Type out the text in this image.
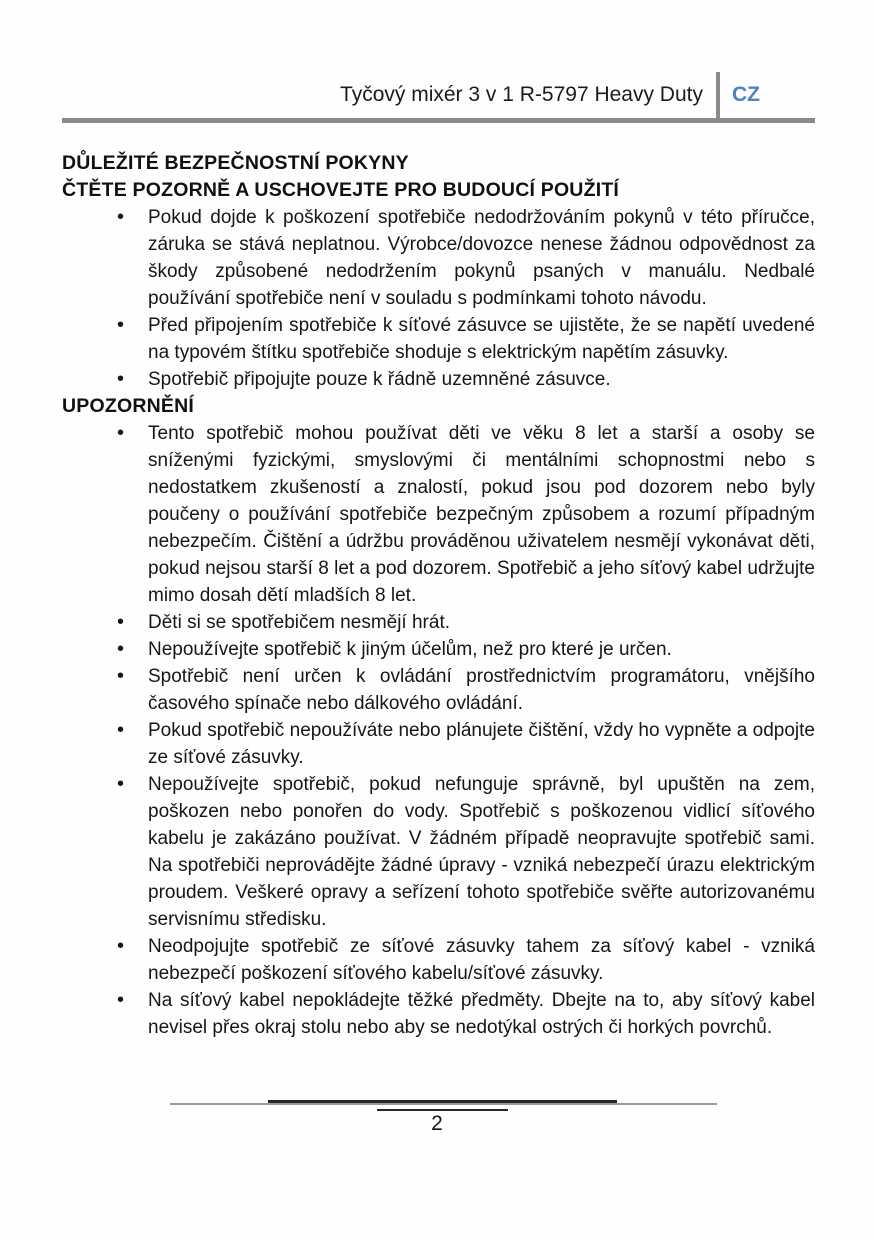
Tyčový mixér 3 v 1 R-5797 Heavy Duty CZ
DŮLEŽITÉ BEZPEČNOSTNÍ POKYNY
ČTĚTE POZORNĚ A USCHOVEJTE PRO BUDOUCÍ POUŽITÍ
•	Pokud dojde k poškození spotřebiče nedodržováním pokynů v této příručce, záruka se stává neplatnou. Výrobce/dovozce nenese žádnou odpovědnost za škody způsobené nedodržením pokynů psaných v manuálu. Nedbalé používání spotřebiče není v souladu s podmínkami tohoto návodu.

•	Před připojením spotřebiče k síťové zásuvce se ujistěte, že se napětí uvedené na typovém štítku spotřebiče shoduje s elektrickým napětím zásuvky.

•	Spotřebič připojujte pouze k řádně uzemněné zásuvce.

UPOZORNĚNÍ
•	Tento spotřebič mohou používat děti ve věku 8 let a starší a osoby se sníženými fyzickými, smyslovými či mentálními schopnostmi nebo s nedostatkem zkušeností a znalostí, pokud jsou pod dozorem nebo byly poučeny o používání spotřebiče bezpečným způsobem a rozumí případným nebezpečím. Čištění a údržbu prováděnou uživatelem nesmějí vykonávat děti, pokud nejsou starší 8 let a pod dozorem. Spotřebič a jeho síťový kabel udržujte mimo dosah dětí mladších 8 let.

•	Děti si se spotřebičem nesmějí hrát.

•	Nepoužívejte spotřebič k jiným účelům, než pro které je určen.

•	Spotřebič není určen k ovládání prostřednictvím programátoru, vnějšího časového spínače nebo dálkového ovládání.

•	Pokud spotřebič nepoužíváte nebo plánujete čištění, vždy ho vypněte a odpojte ze síťové zásuvky.

•	Nepoužívejte spotřebič, pokud nefunguje správně, byl upuštěn na zem, poškozen nebo ponořen do vody. Spotřebič s poškozenou vidlicí síťového kabelu je zakázáno používat. V žádném případě neopravujte spotřebič sami. Na spotřebiči neprovádějte žádné úpravy - vzniká nebezpečí úrazu elektrickým proudem. Veškeré opravy a seřízení tohoto spotřebiče svěřte autorizovanému servisnímu středisku.

•	Neodpojujte spotřebič ze síťové zásuvky tahem za síťový kabel - vzniká nebezpečí poškození síťového kabelu/síťové zásuvky.

•	Na síťový kabel nepokládejte těžké předměty. Dbejte na to, aby síťový kabel nevisel přes okraj stolu nebo aby se nedotýkal ostrých či horkých povrchů.

2
